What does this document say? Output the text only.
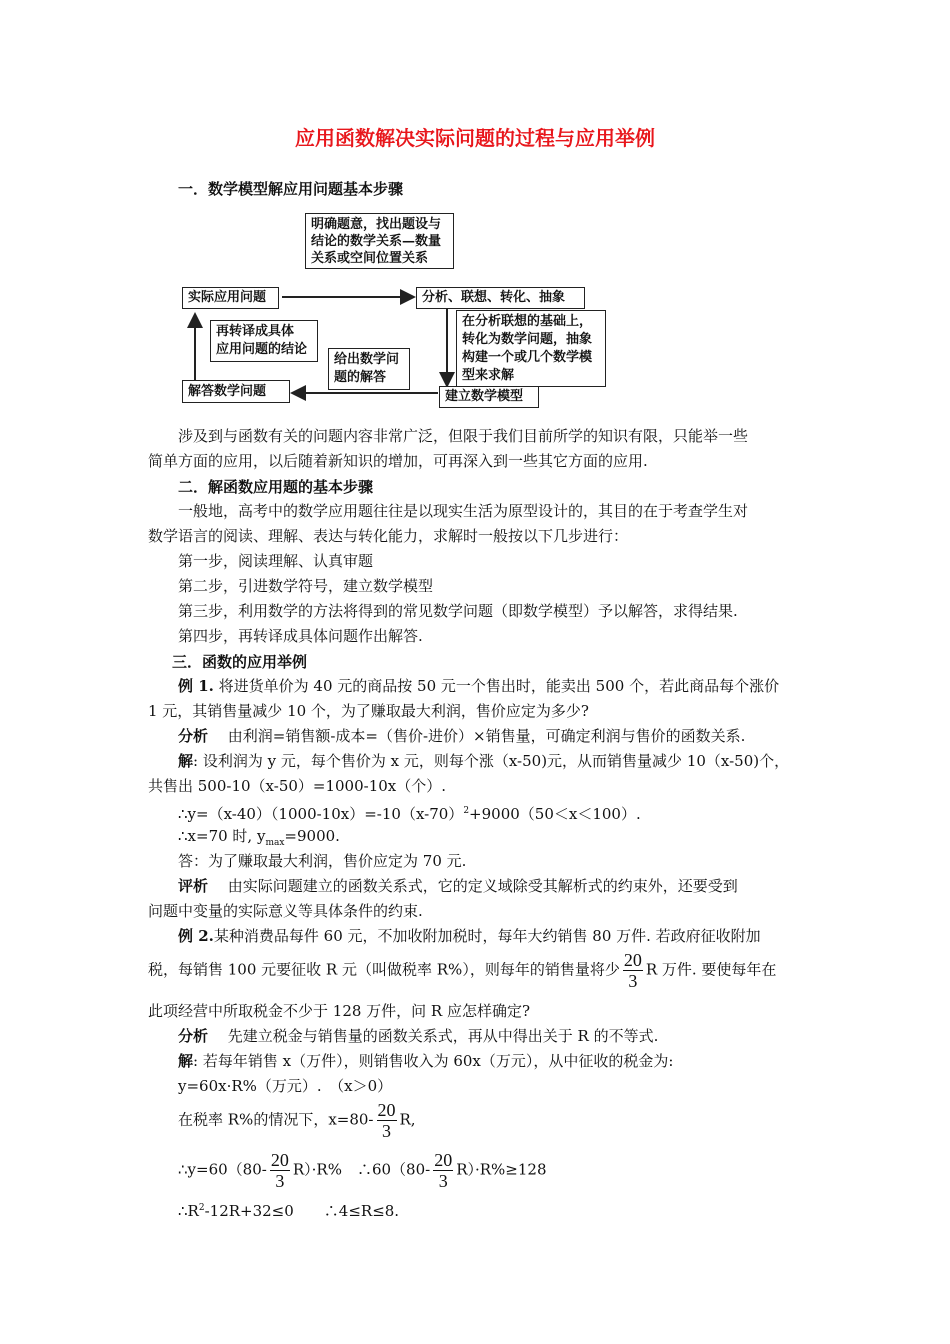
应用函数解决实际问题的过程与应用举例
一．数学模型解应用问题基本步骤
明确题意，找出题设与
结论的数学关系—数量
关系或空间位置关系
实际应用问题	分析、联想、转化、抽象
在分析联想的基础上，
转化为数学问题，抽象
构建一个或几个数学模
型来求解
再转译成具体
应用问题的结论
给出数学问
题的解答
解答数学问题	建立数学模型
涉及到与函数有关的问题内容非常广泛，但限于我们目前所学的知识有限，只能举一些
简单方面的应用，以后随着新知识的增加，可再深入到一些其它方面的应用.
二．解函数应用题的基本步骤
一般地，高考中的数学应用题往往是以现实生活为原型设计的，其目的在于考查学生对
数学语言的阅读、理解、表达与转化能力，求解时一般按以下几步进行：
第一步，阅读理解、认真审题
第二步，引进数学符号，建立数学模型
第三步，利用数学的方法将得到的常见数学问题（即数学模型）予以解答，求得结果.
第四步，再转译成具体问题作出解答.
三．函数的应用举例
例 1. 将进货单价为 40 元的商品按 50 元一个售出时，能卖出 500 个，若此商品每个涨价
1 元，其销售量减少 10 个，为了赚取最大利润，售价应定为多少?
分析　 由利润=销售额-成本=（售价-进价）×销售量，可确定利润与售价的函数关系.
解: 设利润为 y 元，每个售价为 x 元，则每个涨（x-50)元，从而销售量减少 10（x-50)个，
共售出 500-10（x-50）=1000-10x（个）.
$\therefore y=(x-40)(1000-10x)=-10(x-70)^2+9000(50<x<100)$.
∴x=70 时, $y_{max}=9000$.
答：为了赚取最大利润，售价应定为 70 元.
评析　 由实际问题建立的函数关系式，它的定义域除受其解析式的约束外，还要受到
问题中变量的实际意义等具体条件的约束.
例 2.某种消费品每件 60 元，不加收附加税时，每年大约销售 80 万件. 若政府征收附加
税，每销售 100 元要征收 R 元（叫做税率 R%），则每年的销售量将少 $\frac{20}{3}$ R 万件. 要使每年在
此项经营中所取税金不少于 128 万件，问 R 应怎样确定?
分析　 先建立税金与销售量的函数关系式，再从中得出关于 R 的不等式.
解: 若每年销售 x（万件），则销售收入为 60x（万元），从中征收的税金为:
y=60x·R%（万元）.　（x＞0）
在税率 R%的情况下，$x=80- \frac{20}{3} R$,
∴y=60（80- $\frac{20}{3} R)\cdot R\%$　∴60（80- $\frac{20}{3} R)\cdot R\%\ge 128$
$\therefore R^2-12R+32\le 0$　　∴4≤R≤8.
